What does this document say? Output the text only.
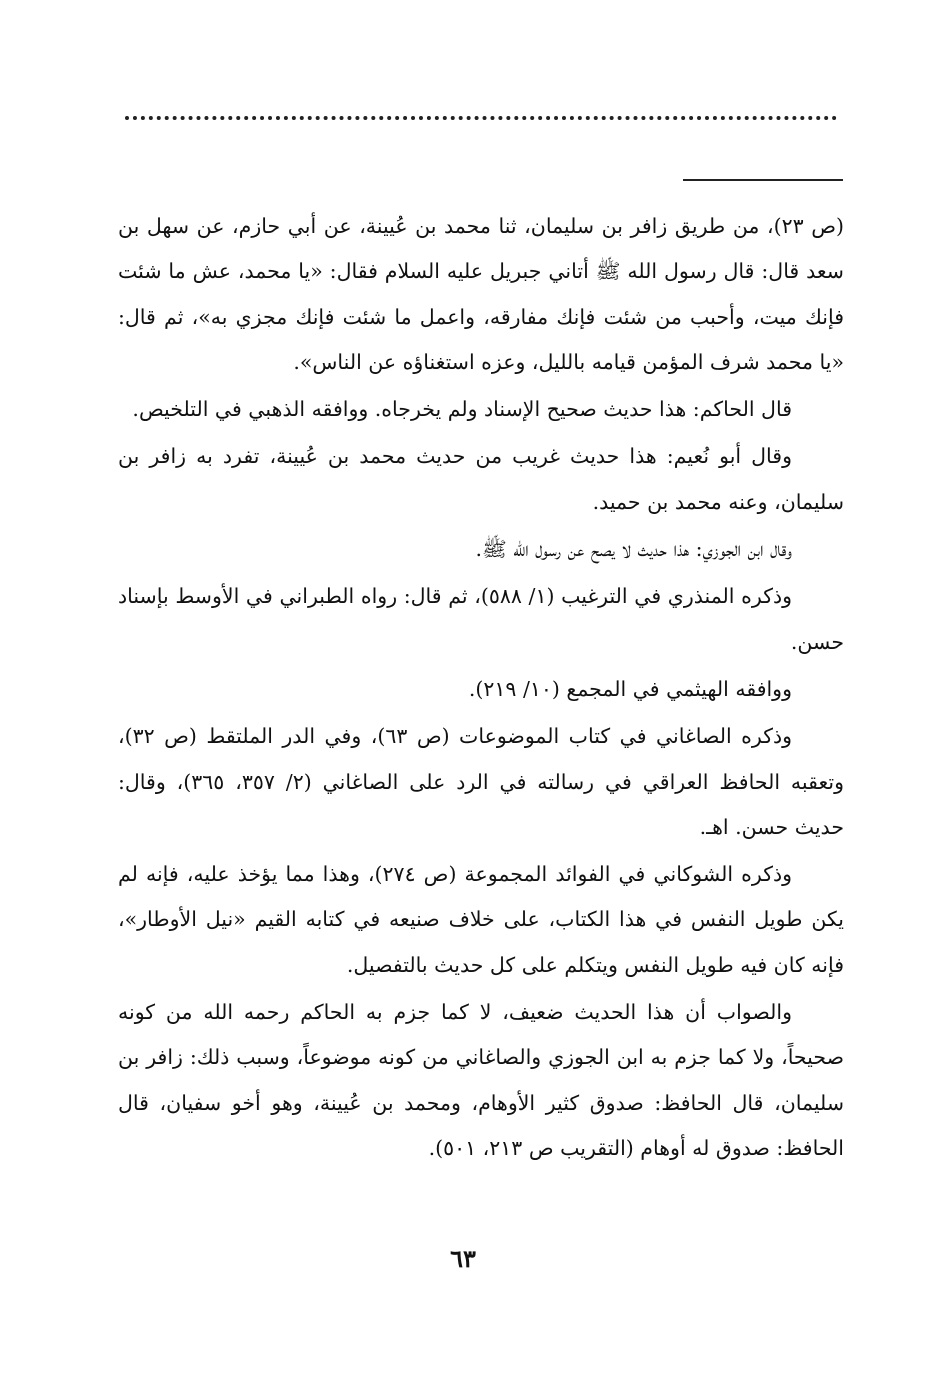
(ص ٢٣)، من طريق زافر بن سليمان، ثنا محمد بن عُيينة، عن أبي حازم، عن سهل بن سعد قال: قال رسول الله ﷺ أتاني جبريل عليه السلام فقال: «يا محمد، عش ما شئت فإنك ميت، وأحبب من شئت فإنك مفارقه، واعمل ما شئت فإنك مجزي به»، ثم قال: «يا محمد شرف المؤمن قيامه بالليل، وعزه استغناؤه عن الناس».

قال الحاكم: هذا حديث صحيح الإسناد ولم يخرجاه. ووافقه الذهبي في التلخيص.

وقال أبو نُعيم: هذا حديث غريب من حديث محمد بن عُيينة، تفرد به زافر بن سليمان، وعنه محمد بن حميد.

وقال ابن الجوزي: هذا حديث لا يصح عن رسول الله ﷺ.

وذكره المنذري في الترغيب (١/ ٥٨٨)، ثم قال: رواه الطبراني في الأوسط بإسناد حسن.

ووافقه الهيثمي في المجمع (١٠/ ٢١٩).

وذكره الصاغاني في كتاب الموضوعات (ص ٦٣)، وفي الدر الملتقط (ص ٣٢)، وتعقبه الحافظ العراقي في رسالته في الرد على الصاغاني (٢/ ٣٥٧، ٣٦٥)، وقال: حديث حسن. اهـ.

وذكره الشوكاني في الفوائد المجموعة (ص ٢٧٤)، وهذا مما يؤخذ عليه، فإنه لم يكن طويل النفس في هذا الكتاب، على خلاف صنيعه في كتابه القيم «نيل الأوطار»، فإنه كان فيه طويل النفس ويتكلم على كل حديث بالتفصيل.

والصواب أن هذا الحديث ضعيف، لا كما جزم به الحاكم رحمه الله من كونه صحيحاً، ولا كما جزم به ابن الجوزي والصاغاني من كونه موضوعاً، وسبب ذلك: زافر بن سليمان، قال الحافظ: صدوق كثير الأوهام، ومحمد بن عُيينة، وهو أخو سفيان، قال الحافظ: صدوق له أوهام (التقريب ص ٢١٣، ٥٠١).

٦٣
